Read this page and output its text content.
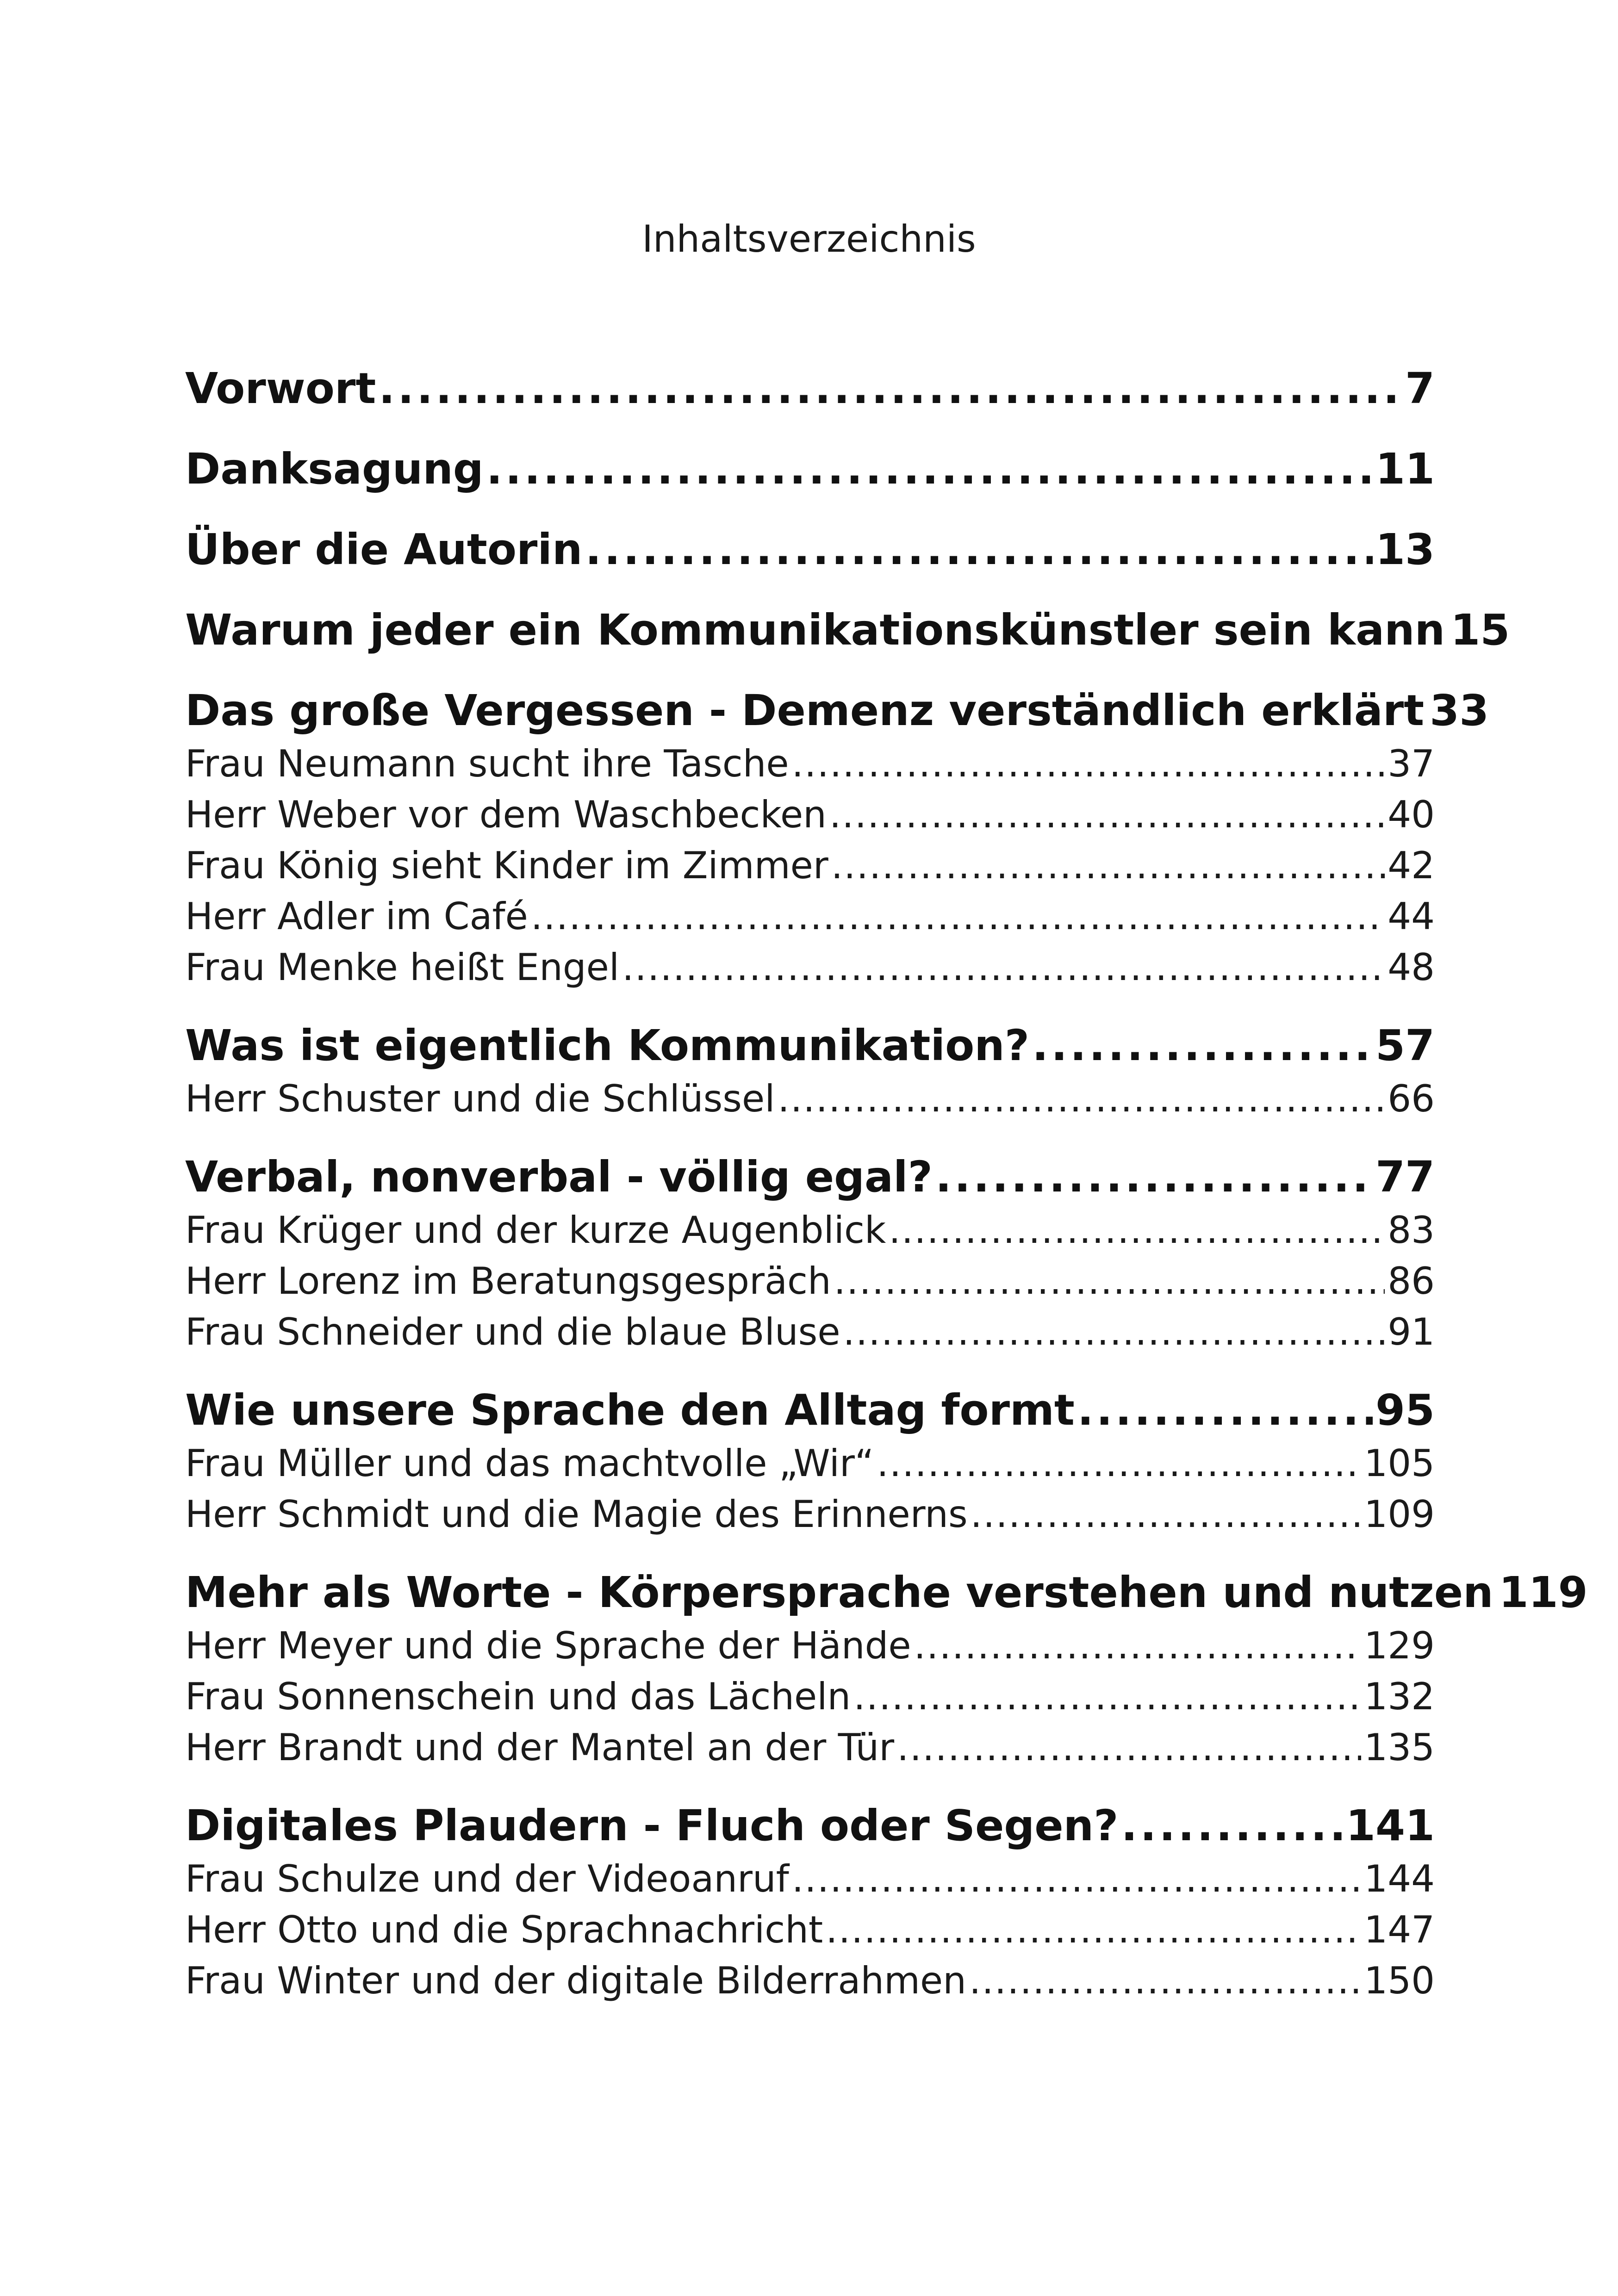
Inhaltsverzeichnis
Vorwort .....	7
Danksagung .....	11
Über die Autorin .....	13
Warum jeder ein Kommunikationskünstler sein kann 15
Das große Vergessen - Demenz verständlich erklärt 33
Frau Neumann sucht ihre Tasche .....	37
Herr Weber vor dem Waschbecken .....	40
Frau König sieht Kinder im Zimmer .....	42
Herr Adler im Café .....	44
Frau Menke heißt Engel .....	48
Was ist eigentlich Kommunikation? .....	57
Herr Schuster und die Schlüssel .....	66
Verbal, nonverbal - völlig egal? .....	77
Frau Krüger und der kurze Augenblick .....	83
Herr Lorenz im Beratungsgespräch .....	86
Frau Schneider und die blaue Bluse .....	91
Wie unsere Sprache den Alltag formt .....	95
Frau Müller und das machtvolle „Wir“ .....	105
Herr Schmidt und die Magie des Erinnerns .....	109
Mehr als Worte - Körpersprache verstehen und nutzen 119
Herr Meyer und die Sprache der Hände .....	129
Frau Sonnenschein und das Lächeln .....	132
Herr Brandt und der Mantel an der Tür .....	135
Digitales Plaudern - Fluch oder Segen? .....	141
Frau Schulze und der Videoanruf .....	144
Herr Otto und die Sprachnachricht .....	147
Frau Winter und der digitale Bilderrahmen .....	150
